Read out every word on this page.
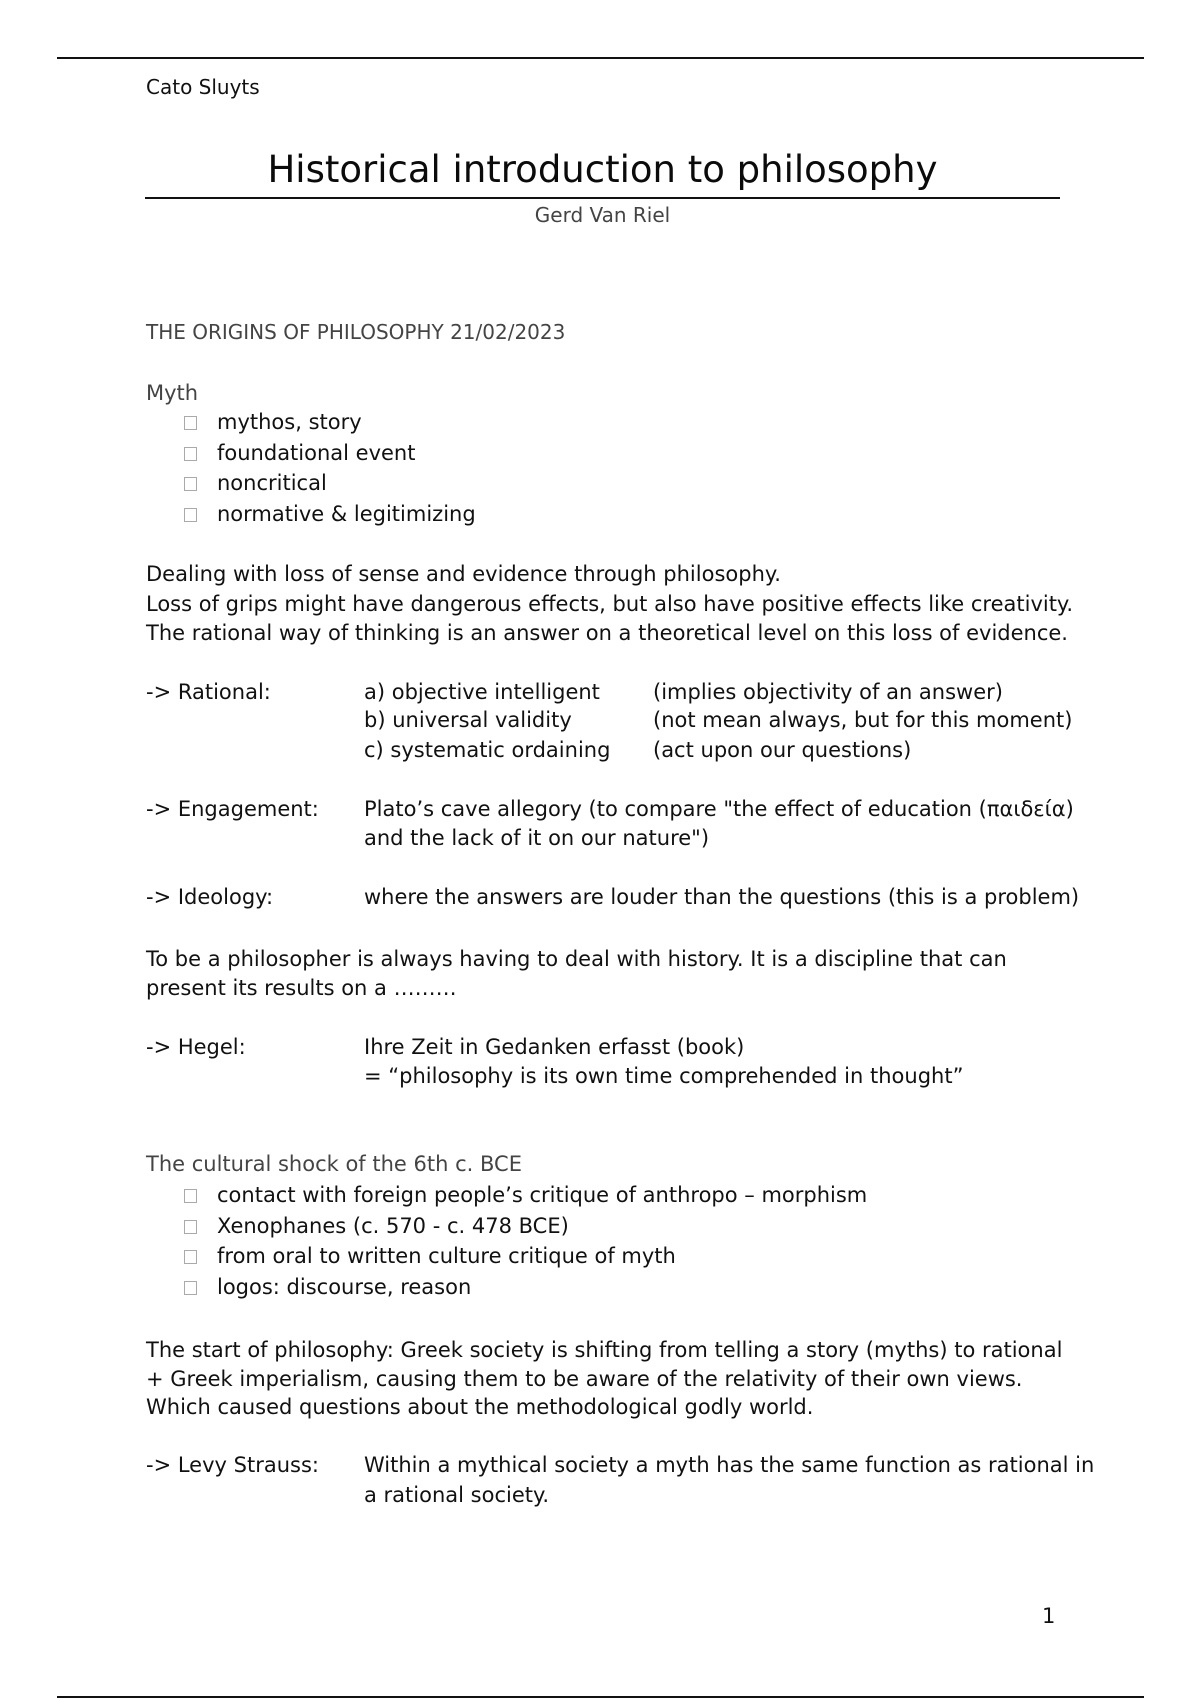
Cato Sluyts
Historical introduction to philosophy
Gerd Van Riel
THE ORIGINS OF PHILOSOPHY 21/02/2023
Myth
mythos, story
foundational event
noncritical
normative & legitimizing
Dealing with loss of sense and evidence through philosophy.
Loss of grips might have dangerous effects, but also have positive effects like creativity. The rational way of thinking is an answer on a theoretical level on this loss of evidence.
-> Rational:	a) objective intelligent	(implies objectivity of an answer)
b) universal validity	(not mean always, but for this moment)
c) systematic ordaining (act upon our questions)
-> Engagement: Plato’s cave allegory (to compare "the effect of education (παιδεία)
and the lack of it on our nature")
-> Ideology:	where the answers are louder than the questions (this is a problem)
To be a philosopher is always having to deal with history. It is a discipline that can present its results on a ………
-> Hegel:	Ihre Zeit in Gedanken erfasst (book)
= “philosophy is its own time comprehended in thought”
The cultural shock of the 6th c. BCE
contact with foreign people’s critique of anthropo – morphism
Xenophanes (c. 570 - c. 478 BCE)
from oral to written culture critique of myth
logos: discourse, reason
The start of philosophy: Greek society is shifting from telling a story (myths) to rational + Greek imperialism, causing them to be aware of the relativity of their own views. Which caused questions about the methodological godly world.
-> Levy Strauss: Within a mythical society a myth has the same function as rational in
a rational society.
1
